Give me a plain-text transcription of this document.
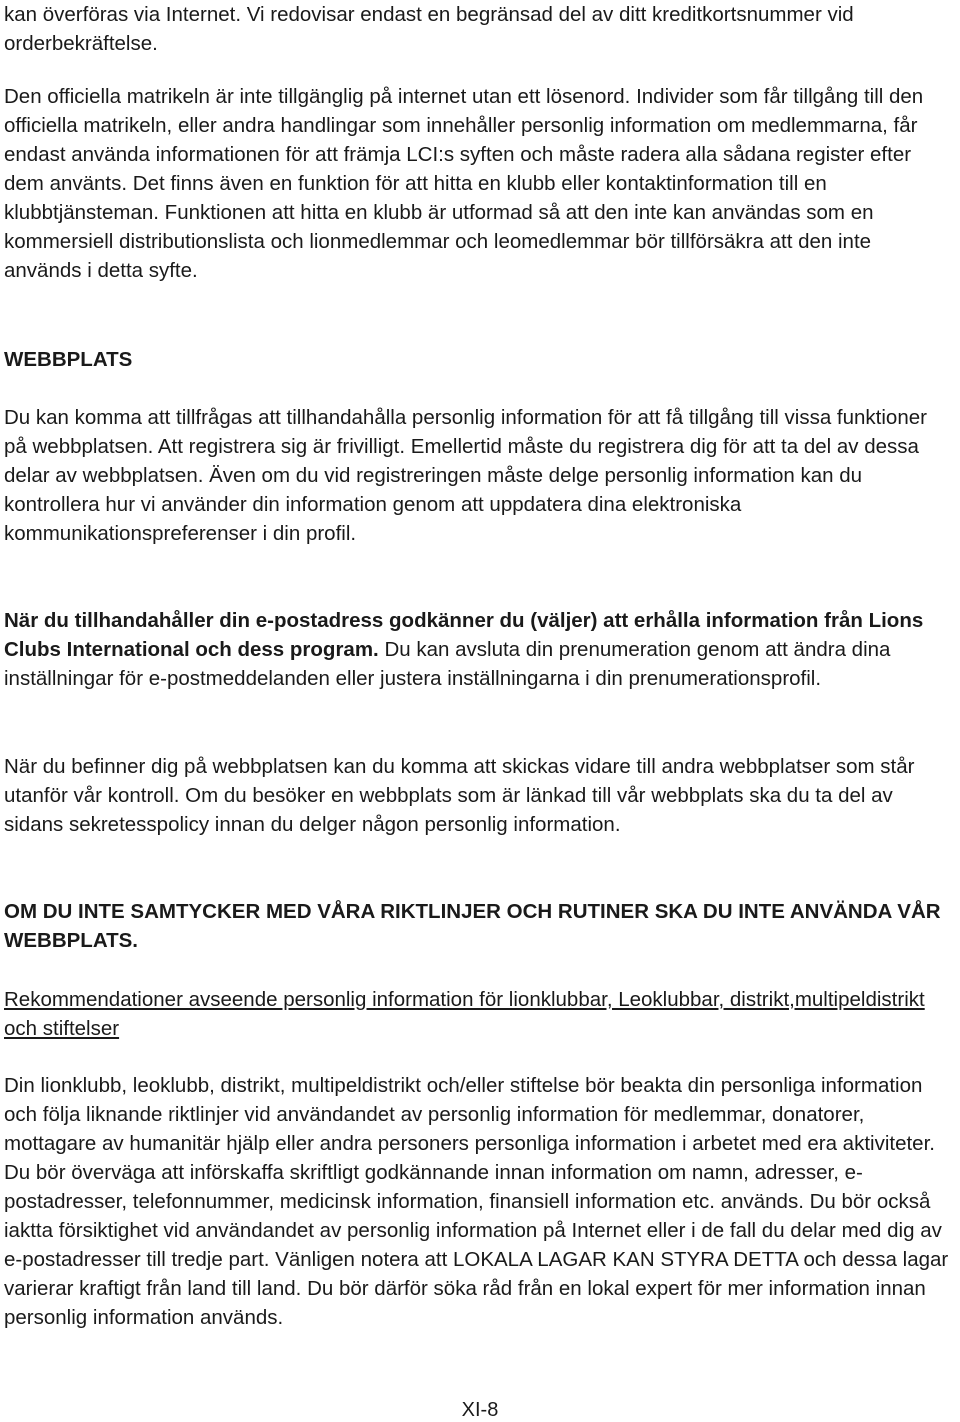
kan överföras via Internet. Vi redovisar endast en begränsad del av ditt kreditkortsnummer vid orderbekräftelse.

Den officiella matrikeln är inte tillgänglig på internet utan ett lösenord. Individer som får tillgång till den officiella matrikeln, eller andra handlingar som innehåller personlig information om medlemmarna, får endast använda informationen för att främja LCI:s syften och måste radera alla sådana register efter dem använts. Det finns även en funktion för att hitta en klubb eller kontaktinformation till en klubbtjänsteman. Funktionen att hitta en klubb är utformad så att den inte kan användas som en kommersiell distributionslista och lionmedlemmar och leomedlemmar bör tillförsäkra att den inte används i detta syfte.

WEBBPLATS

Du kan komma att tillfrågas att tillhandahålla personlig information för att få tillgång till vissa funktioner på webbplatsen. Att registrera sig är frivilligt. Emellertid måste du registrera dig för att ta del av dessa delar av webbplatsen. Även om du vid registreringen måste delge personlig information kan du kontrollera hur vi använder din information genom att uppdatera dina elektroniska kommunikationspreferenser i din profil.

När du tillhandahåller din e-postadress godkänner du (väljer) att erhålla information från Lions Clubs International och dess program. Du kan avsluta din prenumeration genom att ändra dina inställningar för e-postmeddelanden eller justera inställningarna i din prenumerationsprofil.

När du befinner dig på webbplatsen kan du komma att skickas vidare till andra webbplatser som står utanför vår kontroll. Om du besöker en webbplats som är länkad till vår webbplats ska du ta del av sidans sekretesspolicy innan du delger någon personlig information.

OM DU INTE SAMTYCKER MED VÅRA RIKTLINJER OCH RUTINER SKA DU INTE ANVÄNDA VÅR WEBBPLATS.

Rekommendationer avseende personlig information för lionklubbar, Leoklubbar, distrikt,multipeldistrikt och stiftelser

Din lionklubb, leoklubb, distrikt, multipeldistrikt och/eller stiftelse bör beakta din personliga information och följa liknande riktlinjer vid användandet av personlig information för medlemmar, donatorer, mottagare av humanitär hjälp eller andra personers personliga information i arbetet med era aktiviteter. Du bör överväga att införskaffa skriftligt godkännande innan information om namn, adresser, e-postadresser, telefonnummer, medicinsk information, finansiell information etc. används. Du bör också iaktta försiktighet vid användandet av personlig information på Internet eller i de fall du delar med dig av e-postadresser till tredje part. Vänligen notera att LOKALA LAGAR KAN STYRA DETTA och dessa lagar varierar kraftigt från land till land. Du bör därför söka råd från en lokal expert för mer information innan personlig information används.

XI-8
